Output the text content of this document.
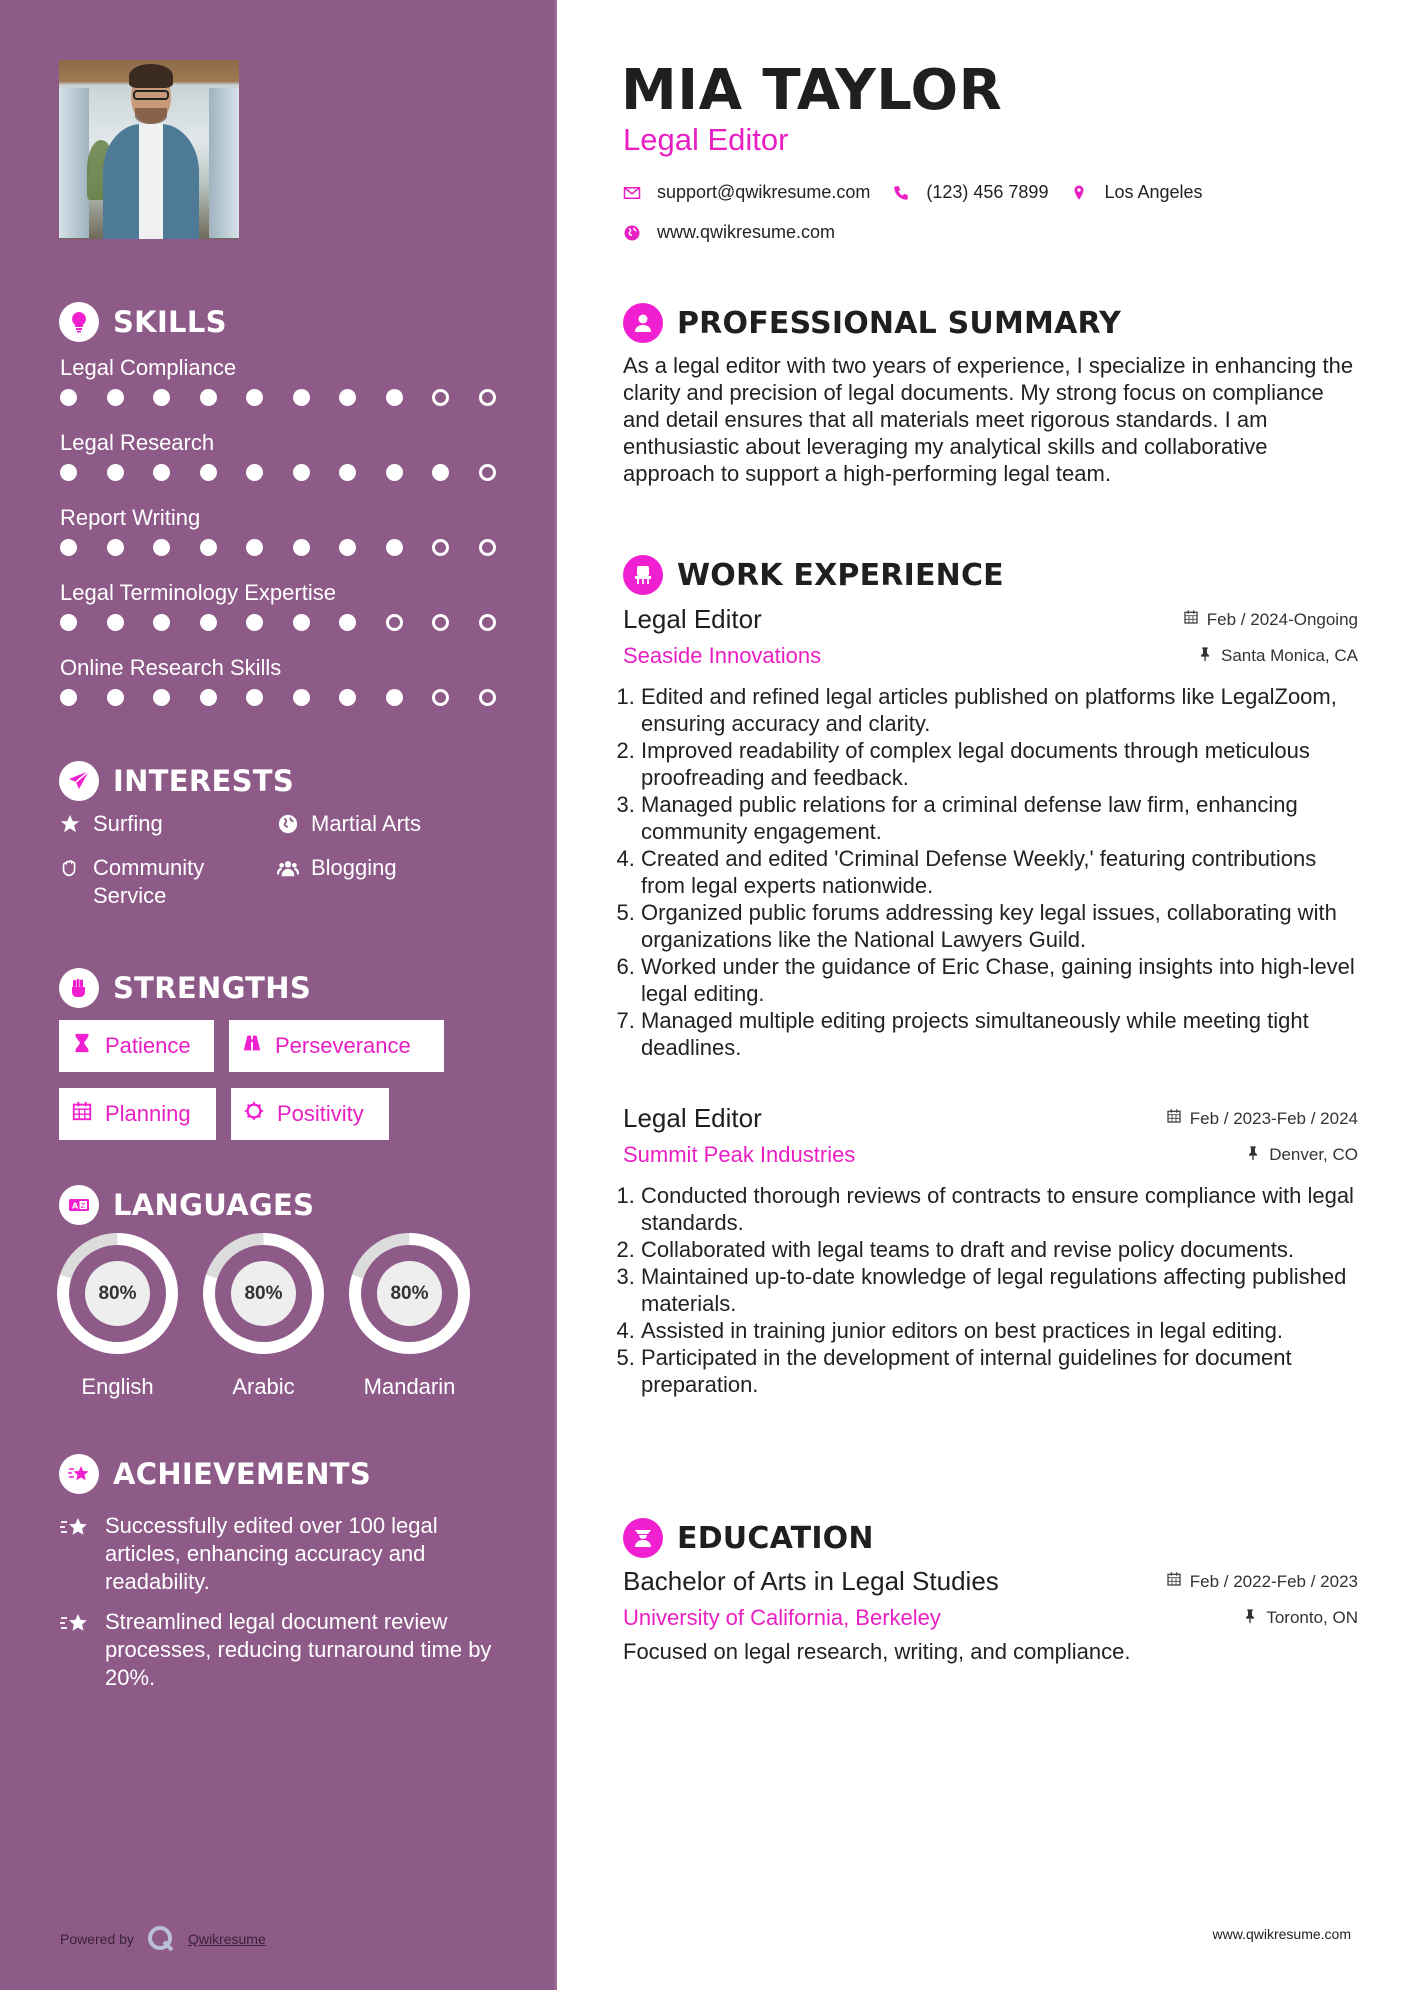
SKILLS
Legal Compliance
Legal Research
Report Writing
Legal Terminology Expertise
Online Research Skills
INTERESTS
Surfing	Martial Arts
Community Service
Blogging
STRENGTHS
Patience	Perseverance
Planning	Positivity
A Z LANGUAGES
80%
English
80%
Arabic
80%
Mandarin
ACHIEVEMENTS
Successfully edited over 100 legal articles, enhancing accuracy and readability.
Streamlined legal document review processes, reducing turnaround time by 20%.
Powered by	Qwikresume
MIA TAYLOR
Legal Editor
support@qwikresume.com	(123) 456 7899	Los Angeles
www.qwikresume.com
PROFESSIONAL SUMMARY

As a legal editor with two years of experience, I specialize in enhancing the clarity and precision of legal documents. My strong focus on compliance and detail ensures that all materials meet rigorous standards. I am enthusiastic about leveraging my analytical skills and collaborative approach to support a high-performing legal team.

WORK EXPERIENCE
Legal Editor	Feb / 2024-Ongoing
Seaside Innovations	Santa Monica, CA
1. Edited and refined legal articles published on platforms like LegalZoom, ensuring accuracy and clarity.
2. Improved readability of complex legal documents through meticulous proofreading and feedback.
3. Managed public relations for a criminal defense law firm, enhancing community engagement.
4. Created and edited 'Criminal Defense Weekly,' featuring contributions from legal experts nationwide.
5. Organized public forums addressing key legal issues, collaborating with organizations like the National Lawyers Guild.
6. Worked under the guidance of Eric Chase, gaining insights into high-level legal editing.
7. Managed multiple editing projects simultaneously while meeting tight deadlines.
Legal Editor	Feb / 2023-Feb / 2024
Summit Peak Industries	Denver, CO
1. Conducted thorough reviews of contracts to ensure compliance with legal standards.
2. Collaborated with legal teams to draft and revise policy documents.
3. Maintained up-to-date knowledge of legal regulations affecting published materials.
4. Assisted in training junior editors on best practices in legal editing.
5. Participated in the development of internal guidelines for document preparation.
EDUCATION
Bachelor of Arts in Legal Studies	Feb / 2022-Feb / 2023
University of California, Berkeley	Toronto, ON
Focused on legal research, writing, and compliance.
www.qwikresume.com
